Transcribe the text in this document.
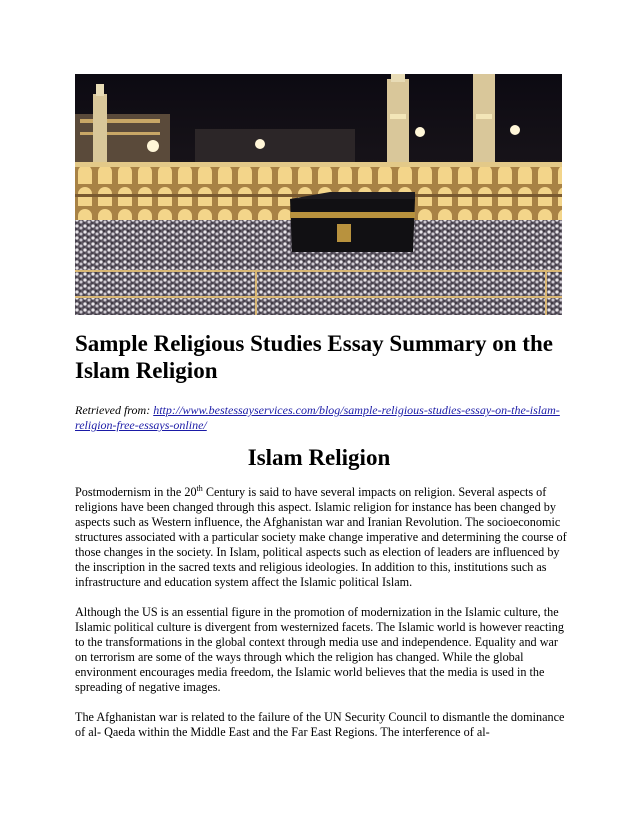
Sample Religious Studies Essay Summary on the Islam Religion

Retrieved from: http://www.bestessayservices.com/blog/sample-religious-studies-essay-on-the-islam-religion-free-essays-online/

Islam Religion

Postmodernism in the 20th Century is said to have several impacts on religion. Several aspects of religions have been changed through this aspect. Islamic religion for instance has been changed by aspects such as Western influence, the Afghanistan war and Iranian Revolution. The socioeconomic structures associated with a particular society make change imperative and determining the course of those changes in the society. In Islam, political aspects such as election of leaders are influenced by the inscription in the sacred texts and religious ideologies. In addition to this, institutions such as infrastructure and education system affect the Islamic political Islam.

Although the US is an essential figure in the promotion of modernization in the Islamic culture, the Islamic political culture is divergent from westernized facets. The Islamic world is however reacting to the transformations in the global context through media use and independence. Equality and war on terrorism are some of the ways through which the religion has changed. While the global environment encourages media freedom, the Islamic world believes that the media is used in the spreading of negative images.

The Afghanistan war is related to the failure of the UN Security Council to dismantle the dominance of al- Qaeda within the Middle East and the Far East Regions. The interference of al-
